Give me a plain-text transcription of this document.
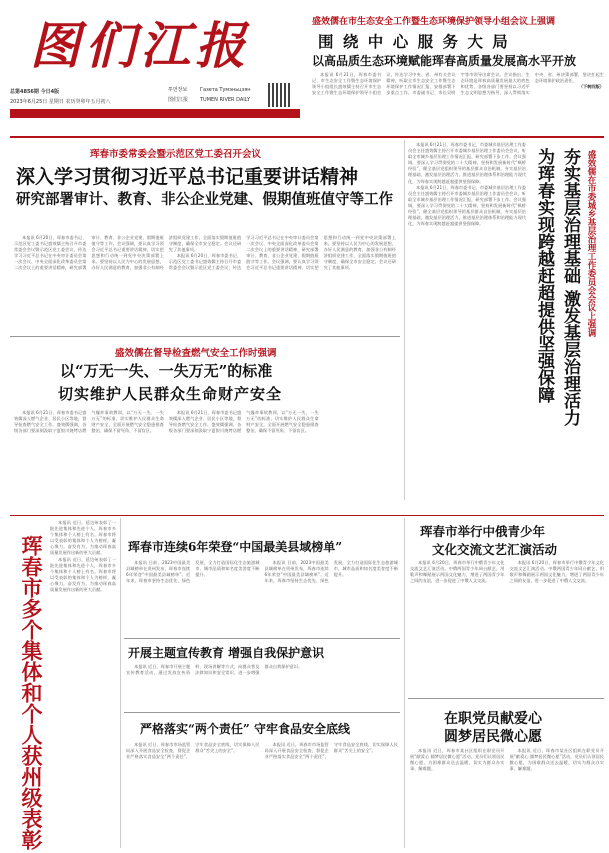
图 们 江 报
总第4856期 今日4版
2023年6月25日 星期日 农历癸卯年五月初八
투먼장보	Газета Тумэньцзян
图们江报 TUMEN RIVER DAILY
国内统一刊号 CN22-0010 国外代号 D1226	新闻热线 11-46 E-mail:tumenjiangbao@163.com	www.tmjnews.cn
盛效儒在市生态安全工作暨生态环境保护领导小组会议上强调
围 绕 中 心 服 务 大 局
以高品质生态环境赋能珲春高质量发展高水平开放

本报讯 6月21日，珲春市委书记、市生态安全工作暨生态环境保护领导小组组长盛效儒主持召开市生态安全工作暨生态环境保护领导小组会议，传达学习中央、省、州有关会议精神，听取全市生态安全工作暨生态环境保护工作情况汇报，安排部署下步重点工作。市委副书记、市长吴明宇等市领导出席会议。会议指出，生态环境是珲春高质量发展最大的底色和优势，各级各部门要坚持以习近平生态文明思想为指导，深入贯彻落实中央、省、州决策部署，坚决扛起生态环境保护政治责任。

（下转四版）

珲春市委常委会暨示范区党工委召开会议
深入学习贯彻习近平总书记重要讲话精神
研究部署审计、教育、非公企业党建、假期值班值守等工作

本报讯 6月20日，珲春市委书记、示范区党工委书记盛效儒主持召开市委常委会会议暨示范区党工委会议，传达学习习近平总书记在中央审计委员会第一次会议、中央全面深化改革委员会第二次会议上的重要讲话精神，研究部署审计、教育、非公企业党建、假期值班值守等工作。会议强调，要认真学习领会习近平总书记重要讲话精神，切实把思想和行动统一到党中央决策部署上来。要坚持以人民为中心的发展思想，办好人民满意的教育，加强非公有制经济组织党建工作，全面落实假期值班值守制度，确保全市安全稳定。会议还研究了其他事项。

本报讯 6月20日，珲春市委书记、示范区党工委书记盛效儒主持召开市委常委会会议暨示范区党工委会议，传达学习习近平总书记在中央审计委员会第一次会议、中央全面深化改革委员会第二次会议上的重要讲话精神，研究部署审计、教育、非公企业党建、假期值班值守等工作。会议强调，要认真学习领会习近平总书记重要讲话精神，切实把思想和行动统一到党中央决策部署上来。要坚持以人民为中心的发展思想，办好人民满意的教育，加强非公有制经济组织党建工作，全面落实假期值班值守制度，确保全市安全稳定。会议还研究了其他事项。

盛效儒在督导检查燃气安全工作时强调
以“万无一失、一失万无”的标准
切实维护人民群众生命财产安全

本报讯 6月21日，珲春市委书记盛效儒深入燃气企业、居民小区等地，督导检查燃气安全工作。盛效儒强调，各级各部门要深刻汲取宁夏银川烧烤店燃气爆炸事故教训，以“万无一失、一失万无”的标准，切实维护人民群众生命财产安全，全面开展燃气安全隐患排查整治，确保不留死角、不留盲区。

本报讯 6月21日，珲春市委书记盛效儒深入燃气企业、居民小区等地，督导检查燃气安全工作。盛效儒强调，各级各部门要深刻汲取宁夏银川烧烤店燃气爆炸事故教训，以“万无一失、一失万无”的标准，切实维护人民群众生命财产安全，全面开展燃气安全隐患排查整治，确保不留死角、不留盲区。

本报讯 6月21日，珲春市委书记、市委城乡基层治理工作委员会主任盛效儒主持召开市委城乡基层治理工作委员会会议，听取全市城乡基层治理工作情况汇报，研究部署下步工作。会议强调，要深入学习贯彻党的二十大精神，坚持和发展新时代“枫桥经验”，健全基层党组织领导的基层群众自治机制，夯实基层治理基础，激发基层治理活力，推进基层治理体系和治理能力现代化，为珲春实现跨越赶超提供坚强保障。

本报讯 6月21日，珲春市委书记、市委城乡基层治理工作委员会主任盛效儒主持召开市委城乡基层治理工作委员会会议，听取全市城乡基层治理工作情况汇报，研究部署下步工作。会议强调，要深入学习贯彻党的二十大精神，坚持和发展新时代“枫桥经验”，健全基层党组织领导的基层群众自治机制，夯实基层治理基础，激发基层治理活力，推进基层治理体系和治理能力现代化，为珲春实现跨越赶超提供坚强保障。	夯实基层治理基础 激发基层治理活力
为珲春实现跨越赶超提供坚强保障	盛效儒在市委城乡基层治理工作委员会会议上强调
珲春市多个集体和个人获州级表彰

本报讯 近日，延边州表彰了一批先进集体和先进个人，珲春市多个集体和个人榜上有名。珲春市将以受表彰的集体和个人为榜样，凝心聚力，奋发有为，为推动珲春高质量发展作出新的更大贡献。

本报讯 近日，延边州表彰了一批先进集体和先进个人，珲春市多个集体和个人榜上有名。珲春市将以受表彰的集体和个人为榜样，凝心聚力，奋发有为，为推动珲春高质量发展作出新的更大贡献。

珲春市连续6年荣登“中国最美县域榜单”

本报讯 日前，2023中国最美县域榜单在贵州发布，珲春市连续6年荣登“中国最美县域榜单”。近年来，珲春市坚持生态优先、绿色发展，全力打造国际化生态旅游城市，城市品质和知名度美誉度不断提升。

本报讯 日前，2023中国最美县域榜单在贵州发布，珲春市连续6年荣登“中国最美县域榜单”。近年来，珲春市坚持生态优先、绿色发展，全力打造国际化生态旅游城市，城市品质和知名度美誉度不断提升。

开展主题宣传教育 增强自我保护意识

本报讯 近日，珲春市开展主题宣传教育活动，通过发放宣传资料、现场讲解等方式，向群众普及法律知识和安全常识，进一步增强群众自我保护意识。

严格落实“两个责任” 守牢食品安全底线

本报讯 近日，珲春市市场监管局深入开展食品安全检查，督促企业严格落实食品安全“两个责任”，守牢食品安全底线，切实保障人民群众“舌尖上的安全”。

本报讯 近日，珲春市市场监管局深入开展食品安全检查，督促企业严格落实食品安全“两个责任”，守牢食品安全底线，切实保障人民群众“舌尖上的安全”。

珲春市举行中俄青少年
文化交流文艺汇演活动

本报讯 6月20日，珲春市举行中俄青少年文化交流文艺汇演活动。中俄两国青少年同台献艺，用歌声和舞蹈展示两国文化魅力，增进了两国青少年之间的友谊，进一步促进了中俄人文交流。

本报讯 6月20日，珲春市举行中俄青少年文化交流文艺汇演活动。中俄两国青少年同台献艺，用歌声和舞蹈展示两国文化魅力，增进了两国青少年之间的友谊，进一步促进了中俄人文交流。

在职党员献爱心
圆梦居民微心愿

本报讯 近日，珲春市某社区组织在职党员开展“献爱心 圆梦居民微心愿”活动，党员们认领居民微心愿，为困难群众送去温暖，切实为群众办实事、解难题。

本报讯 近日，珲春市某社区组织在职党员开展“献爱心 圆梦居民微心愿”活动，党员们认领居民微心愿，为困难群众送去温暖，切实为群众办实事、解难题。
